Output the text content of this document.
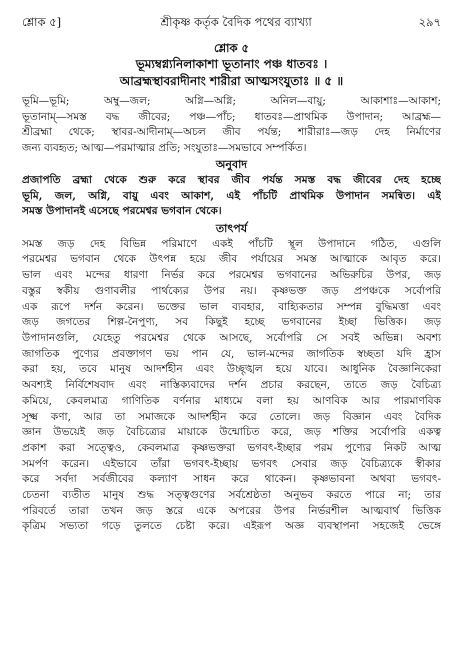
শ্লোক ৫]	শ্রীকৃষ্ণ কর্তৃক বৈদিক পথের ব্যাখ্যা	২৯৭
শ্লোক ৫
ভূম্যম্বগ্ন্যনিলাকাশা ভূতানাং পঞ্চ ধাতবঃ ।
আব্রহ্মস্থাবরাদীনাং শারীরা আত্মসংযুতাঃ ॥ ৫ ॥
ভূমি—ভূমি; অম্বু—জল; অগ্নি—অগ্নি; অনিল—বায়ু; আকাশাঃ—আকাশ;
ভূতানাম্—সমস্ত বদ্ধ জীবের; পঞ্চ—পাঁচ; ধাতবঃ—প্রাথমিক উপাদান; আব্রহ্ম—
শ্রীব্রহ্মা থেকে; স্থাবর-আদীনাম্—অচল জীব পর্যন্ত; শারীরাঃ—জড় দেহ নির্মাণের
জন্য ব্যবহৃত; আত্ম—পরমাত্মার প্রতি; সংযুতাঃ—সমভাবে সম্পর্কিত।
অনুবাদ
প্রজাপতি ব্রহ্মা থেকে শুরু করে স্থাবর জীব পর্যন্ত সমস্ত বদ্ধ জীবের দেহ হচ্ছে
ভূমি, জল, অগ্নি, বায়ু এবং আকাশ, এই পাঁচটি প্রাথমিক উপাদান সমন্বিত। এই
সমস্ত উপাদানই এসেছে পরমেশ্বর ভগবান থেকে।
তাৎপর্য
সমস্ত জড় দেহ বিভিন্ন পরিমাণে একই পাঁচটি স্থূল উপাদানে গঠিত, এগুলি
পরমেশ্বর ভগবান থেকে উৎপন্ন হয়ে জীব পর্যায়ের সমস্ত আত্মাকে আবৃত করে।
ভাল এবং মন্দের ধারণা নির্ভর করে পরমেশ্বর ভগবানের অভিরুচির উপর, জড়
বস্তুর স্বকীয় গুণাবলীর পার্থক্যের উপর নয়। কৃষ্ণভক্ত জড় প্রপঞ্চকে সর্বোপরি
এক রূপে দর্শন করেন। ভক্তের ভাল ব্যবহার, বাহ্যিকতার সম্পন্ন বুদ্ধিমত্তা এবং
জড় জগতের শিল্প-নৈপুণ্য, সব কিছুই হচ্ছে ভগবানের ইচ্ছা ভিত্তিক। জড়
উপাদানগুলি, যেহেতু পরমেশ্বর থেকে আসছে, সর্বোপরি সে সবই অভিন্ন। অবশ্য
জাগতিক পুণ্যের প্রবক্তাগণ ভয় পান যে, ভাল-মন্দের জাগতিক স্বচ্ছতা যদি হ্রাস
করা হয়, তবে মানুষ আদর্শহীন এবং উচ্ছৃঙ্খল হয়ে যাবে। আধুনিক বৈজ্ঞানিকেরা
অবশ্যই নির্বিশেষবাদ এবং নাস্তিক্যবাদের দর্শন প্রচার করছেন, তাতে জড় বৈচিত্র্য
কমিয়ে, কেবলমাত্র গাণিতিক বর্ণনার মাধ্যমে বলা হয় আণবিক আর পারমাণবিক
সূক্ষ্ম কণা, আর তা সমাজকে আদর্শহীন করে তোলে। জড় বিজ্ঞান এবং বৈদিক
জ্ঞান উভয়েই জড় বৈচিত্র্যের মায়াকে উন্মোচিত করে, জড় শক্তির সর্বোপরি একত্ব
প্রকাশ করা সত্ত্বেও, কেবলমাত্র কৃষ্ণভক্তরা ভগবৎ-ইচ্ছার পরম পুণ্যের নিকট আত্ম
সমর্পণ করেন। এইভাবে তাঁরা ভগবৎ-ইচ্ছায় ভগবৎ সেবার জড় বৈচিত্র্যকে স্বীকার
করে সর্বদা সর্বজীবের কল্যাণ সাধন করে থাকেন। কৃষ্ণভাবনা অথবা ভগবৎ-
চেতনা ব্যতীত মানুষ শুদ্ধ সত্ত্বগুণের সর্বশ্রেষ্ঠতা অনুভব করতে পারে না; তার
পরিবর্তে তারা তখন জড় স্তরে একে অপরের উপর নির্ভরশীল আত্মবার্থ ভিত্তিক
কৃত্রিম সভ্যতা গড়ে তুলতে চেষ্টা করে। এইরূপ অজ্ঞ ব্যবস্থাপনা সহজেই ভেঙ্গে
